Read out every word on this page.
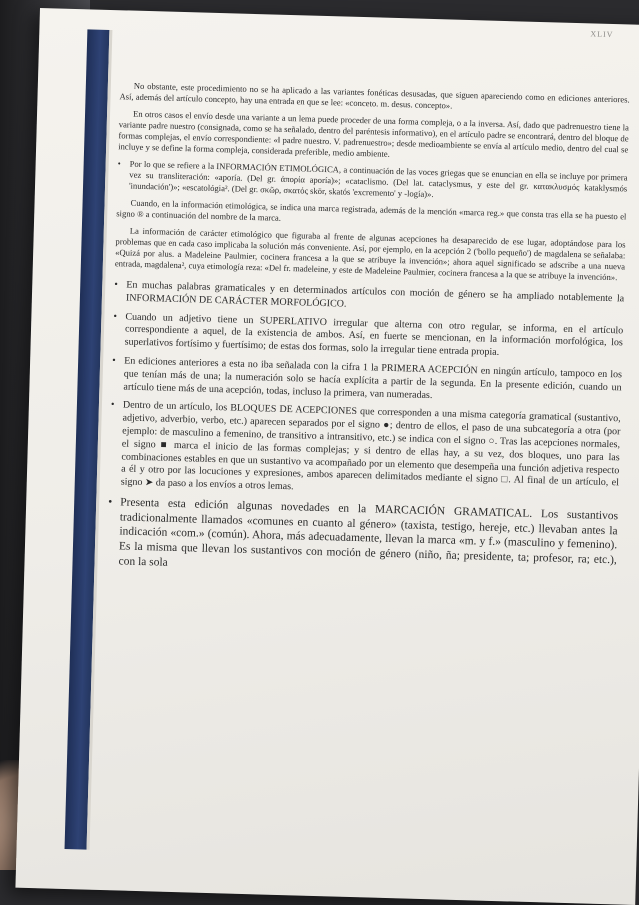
XLIV

No obstante, este procedimiento no se ha aplicado a las variantes fonéticas desusadas, que siguen apareciendo como en ediciones anteriores. Así, además del artículo concepto, hay una entrada en que se lee: «conceto. m. desus. concepto».

En otros casos el envío desde una variante a un lema puede proceder de una forma compleja, o a la inversa. Así, dado que padrenuestro tiene la variante padre nuestro (consignada, como se ha señalado, dentro del paréntesis informativo), en el artículo padre se encontrará, dentro del bloque de formas complejas, el envío correspondiente: «‖ padre nuestro. V. padrenuestro»; desde medioambiente se envía al artículo medio, dentro del cual se incluye y se define la forma compleja, considerada preferible, medio ambiente.

• Por lo que se refiere a la INFORMACIÓN ETIMOLÓGICA, a continuación de las voces griegas que se enuncian en ella se incluye por primera vez su transliteración: «aporía. (Del gr. ἀπορία aporía)»; «cataclismo. (Del lat. cataclysmus, y este del gr. κατακλυσμός kataklysmós 'inundación')»; «escatológia². (Del gr. σκῶρ, σκατός skōr, skatós 'excremento' y -logía)».

Cuando, en la información etimológica, se indica una marca registrada, además de la mención «marca reg.» que consta tras ella se ha puesto el signo ® a continuación del nombre de la marca.

La información de carácter etimológico que figuraba al frente de algunas acepciones ha desaparecido de ese lugar, adoptándose para los problemas que en cada caso implicaba la solución más conveniente. Así, por ejemplo, en la acepción 2 ('bollo pequeño') de magdalena se señalaba: «Quizá por alus. a Madeleine Paulmier, cocinera francesa a la que se atribuye la invención»; ahora aquel significado se adscribe a una nueva entrada, magdalena², cuya etimología reza: «Del fr. madeleine, y este de Madeleine Paulmier, cocinera francesa a la que se atribuye la invención».

• En muchas palabras gramaticales y en determinados artículos con moción de género se ha ampliado notablemente la INFORMACIÓN DE CARÁCTER MORFOLÓGICO.

• Cuando un adjetivo tiene un SUPERLATIVO irregular que alterna con otro regular, se informa, en el artículo correspondiente a aquel, de la existencia de ambos. Así, en fuerte se mencionan, en la información morfológica, los superlativos fortísimo y fuertísimo; de estas dos formas, solo la irregular tiene entrada propia.

• En ediciones anteriores a esta no iba señalada con la cifra 1 la PRIMERA ACEPCIÓN en ningún artículo, tampoco en los que tenían más de una; la numeración solo se hacía explícita a partir de la segunda. En la presente edición, cuando un artículo tiene más de una acepción, todas, incluso la primera, van numeradas.

• Dentro de un artículo, los BLOQUES DE ACEPCIONES que corresponden a una misma categoría gramatical (sustantivo, adjetivo, adverbio, verbo, etc.) aparecen separados por el signo ●; dentro de ellos, el paso de una subcategoría a otra (por ejemplo: de masculino a femenino, de transitivo a intransitivo, etc.) se indica con el signo ○. Tras las acepciones normales, el signo ■ marca el inicio de las formas complejas; y si dentro de ellas hay, a su vez, dos bloques, uno para las combinaciones estables en que un sustantivo va acompañado por un elemento que desempeña una función adjetiva respecto a él y otro por las locuciones y expresiones, ambos aparecen delimitados mediante el signo □. Al final de un artículo, el signo ➤ da paso a los envíos a otros lemas.

• Presenta esta edición algunas novedades en la MARCACIÓN GRAMATICAL. Los sustantivos tradicionalmente llamados «comunes en cuanto al género» (taxista, testigo, hereje, etc.) llevaban antes la indicación «com.» (común). Ahora, más adecuadamente, llevan la marca «m. y f.» (masculino y femenino). Es la misma que llevan los sustantivos con moción de género (niño, ña; presidente, ta; profesor, ra; etc.), con la sola
